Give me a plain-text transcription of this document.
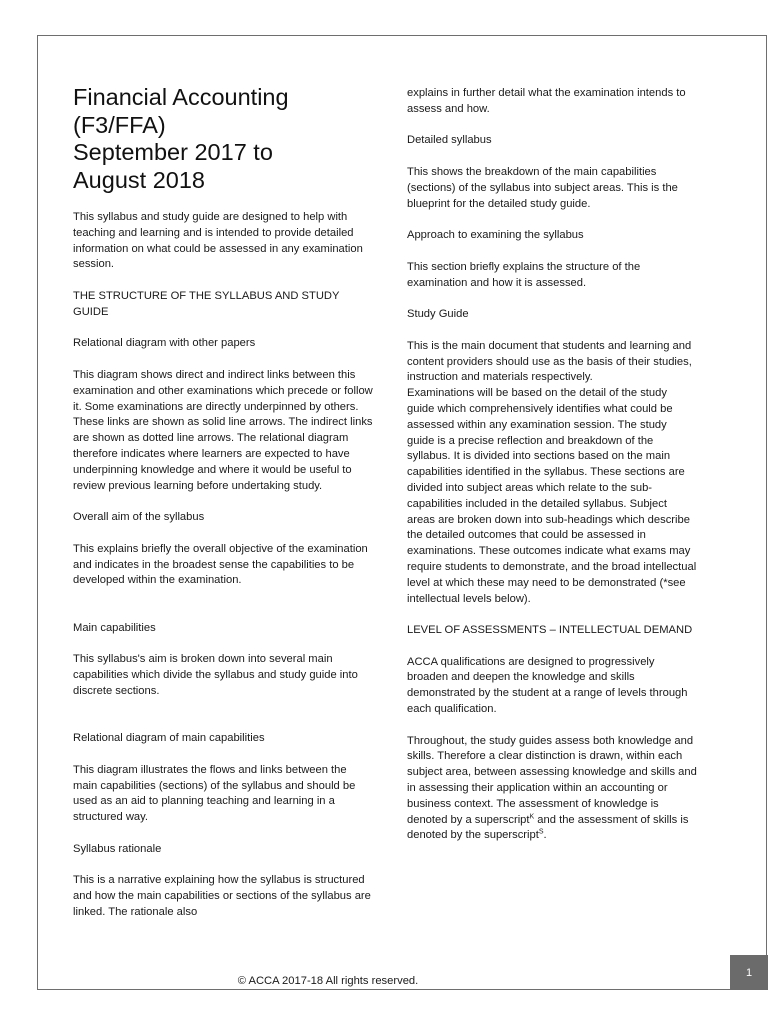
Financial Accounting
(F3/FFA)
September 2017 to
August 2018

This syllabus and study guide are designed to help with teaching and learning and is intended to provide detailed information on what could be assessed in any examination session.

THE STRUCTURE OF THE SYLLABUS AND STUDY GUIDE

Relational diagram with other papers

This diagram shows direct and indirect links between this examination and other examinations which precede or follow it. Some examinations are directly underpinned by others. These links are shown as solid line arrows. The indirect links are shown as dotted line arrows. The relational diagram therefore indicates where learners are expected to have underpinning knowledge and where it would be useful to review previous learning before undertaking study.

Overall aim of the syllabus

This explains briefly the overall objective of the examination and indicates in the broadest sense the capabilities to be developed within the examination.

Main capabilities

This syllabus's aim is broken down into several main capabilities which divide the syllabus and study guide into discrete sections.

Relational diagram of main capabilities

This diagram illustrates the flows and links between the main capabilities (sections) of the syllabus and should be used as an aid to planning teaching and learning in a structured way.

Syllabus rationale

This is a narrative explaining how the syllabus is structured and how the main capabilities or sections of the syllabus are linked. The rationale also

explains in further detail what the examination intends to assess and how.

Detailed syllabus

This shows the breakdown of the main capabilities (sections) of the syllabus into subject areas. This is the blueprint for the detailed study guide.

Approach to examining the syllabus

This section briefly explains the structure of the examination and how it is assessed.

Study Guide

This is the main document that students and learning and content providers should use as the basis of their studies, instruction and materials respectively.

Examinations will be based on the detail of the study guide which comprehensively identifies what could be assessed within any examination session. The study guide is a precise reflection and breakdown of the syllabus. It is divided into sections based on the main capabilities identified in the syllabus. These sections are divided into subject areas which relate to the sub-capabilities included in the detailed syllabus. Subject areas are broken down into sub-headings which describe the detailed outcomes that could be assessed in examinations. These outcomes indicate what exams may require students to demonstrate, and the broad intellectual level at which these may need to be demonstrated (*see intellectual levels below).

LEVEL OF ASSESSMENTS – INTELLECTUAL DEMAND

ACCA qualifications are designed to progressively broaden and deepen the knowledge and skills demonstrated by the student at a range of levels through each qualification.

Throughout, the study guides assess both knowledge and skills. Therefore a clear distinction is drawn, within each subject area, between assessing knowledge and skills and in assessing their application within an accounting or business context. The assessment of knowledge is denoted by a superscript$^K$ and the assessment of skills is denoted by the superscript$^S$.

© ACCA 2017-18 All rights reserved.
1
